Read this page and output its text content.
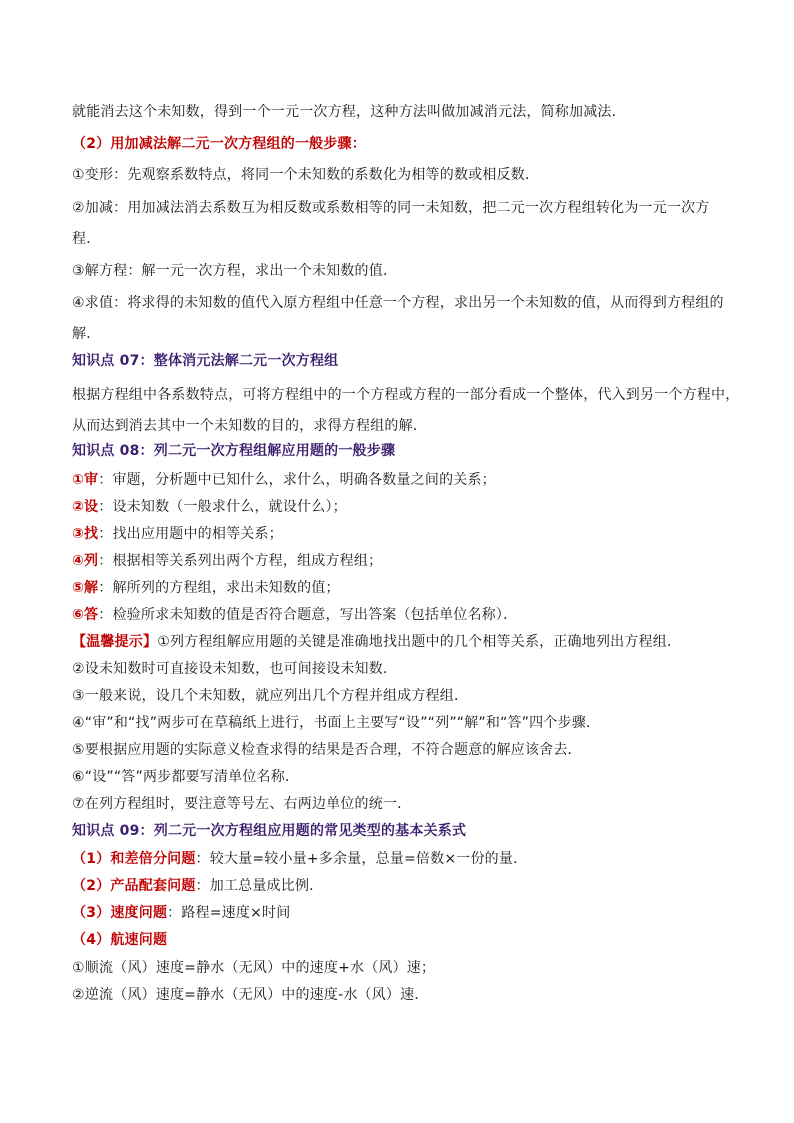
就能消去这个未知数，得到一个一元一次方程，这种方法叫做加减消元法，简称加减法．
（2）用加减法解二元一次方程组的一般步骤：
①变形：先观察系数特点，将同一个未知数的系数化为相等的数或相反数．
②加减：用加减法消去系数互为相反数或系数相等的同一未知数，把二元一次方程组转化为一元一次方
程．
③解方程：解一元一次方程，求出一个未知数的值．
④求值：将求得的未知数的值代入原方程组中任意一个方程，求出另一个未知数的值，从而得到方程组的
解．
知识点 07：整体消元法解二元一次方程组
根据方程组中各系数特点，可将方程组中的一个方程或方程的一部分看成一个整体，代入到另一个方程中，
从而达到消去其中一个未知数的目的，求得方程组的解．
知识点 08：列二元一次方程组解应用题的一般步骤
①审：审题，分析题中已知什么，求什么，明确各数量之间的关系；
②设：设未知数（一般求什么，就设什么）；
③找：找出应用题中的相等关系；
④列：根据相等关系列出两个方程，组成方程组；
⑤解：解所列的方程组，求出未知数的值；
⑥答：检验所求未知数的值是否符合题意，写出答案（包括单位名称）．
【温馨提示】①列方程组解应用题的关键是准确地找出题中的几个相等关系，正确地列出方程组．
②设未知数时可直接设未知数，也可间接设未知数．
③一般来说，设几个未知数，就应列出几个方程并组成方程组．
④“审”和“找”两步可在草稿纸上进行，书面上主要写“设”“列”“解”和“答”四个步骤．
⑤要根据应用题的实际意义检查求得的结果是否合理，不符合题意的解应该舍去．
⑥“设”“答”两步都要写清单位名称．
⑦在列方程组时，要注意等号左、右两边单位的统一．
知识点 09：列二元一次方程组应用题的常见类型的基本关系式
（1）和差倍分问题：较大量=较小量+多余量，总量=倍数×一份的量．
（2）产品配套问题：加工总量成比例．
（3）速度问题：路程=速度×时间
（4）航速问题
①顺流（风）速度=静水（无风）中的速度+水（风）速；
②逆流（风）速度=静水（无风）中的速度-水（风）速．
